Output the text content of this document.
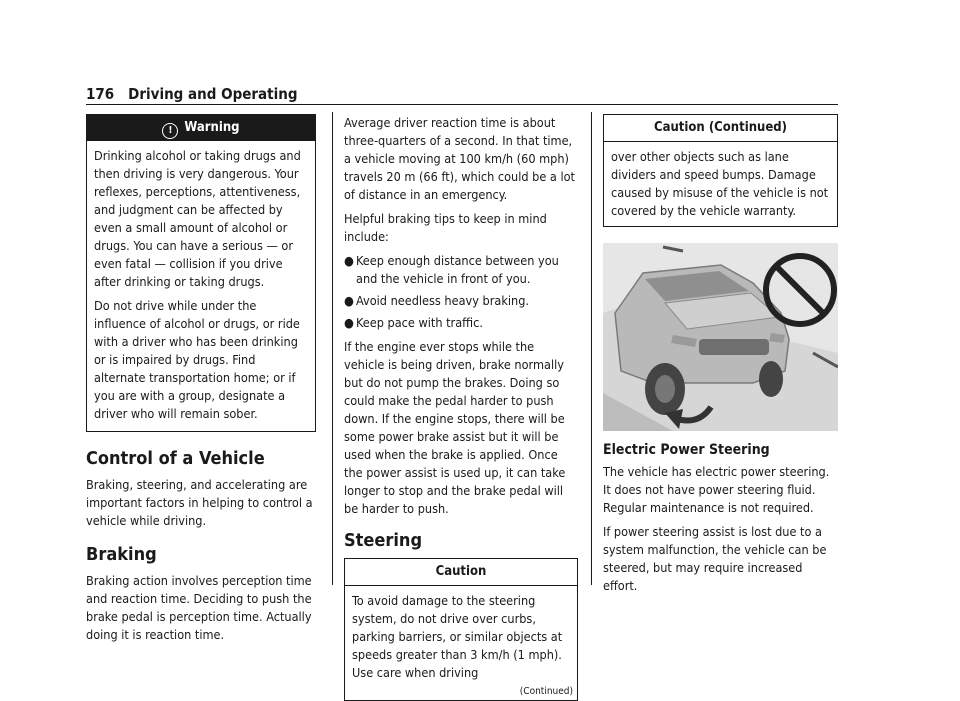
176 Driving and Operating
! Warning

Drinking alcohol or taking drugs and then driving is very dangerous. Your reflexes, perceptions, attentiveness, and judgment can be affected by even a small amount of alcohol or drugs. You can have a serious — or even fatal — collision if you drive after drinking or taking drugs.

Do not drive while under the influence of alcohol or drugs, or ride with a driver who has been drinking or is impaired by drugs. Find alternate transportation home; or if you are with a group, designate a driver who will remain sober.

Control of a Vehicle

Braking, steering, and accelerating are important factors in helping to control a vehicle while driving.

Braking

Braking action involves perception time and reaction time. Deciding to push the brake pedal is perception time. Actually doing it is reaction time.

Average driver reaction time is about three-quarters of a second. In that time, a vehicle moving at 100 km/h (60 mph) travels 20 m (66 ft), which could be a lot of distance in an emergency.

Helpful braking tips to keep in mind include:

● Keep enough distance between you and the vehicle in front of you.
● Avoid needless heavy braking.
● Keep pace with traffic.

If the engine ever stops while the vehicle is being driven, brake normally but do not pump the brakes. Doing so could make the pedal harder to push down. If the engine stops, there will be some power brake assist but it will be used when the brake is applied. Once the power assist is used up, it can take longer to stop and the brake pedal will be harder to push.

Steering
Caution
To avoid damage to the steering system, do not drive over curbs, parking barriers, or similar objects at speeds greater than 3 km/h (1 mph). Use care when driving
(Continued)
Caution (Continued)
over other objects such as lane dividers and speed bumps. Damage caused by misuse of the vehicle is not covered by the vehicle warranty.
Electric Power Steering

The vehicle has electric power steering. It does not have power steering fluid. Regular maintenance is not required.

If power steering assist is lost due to a system malfunction, the vehicle can be steered, but may require increased effort.
